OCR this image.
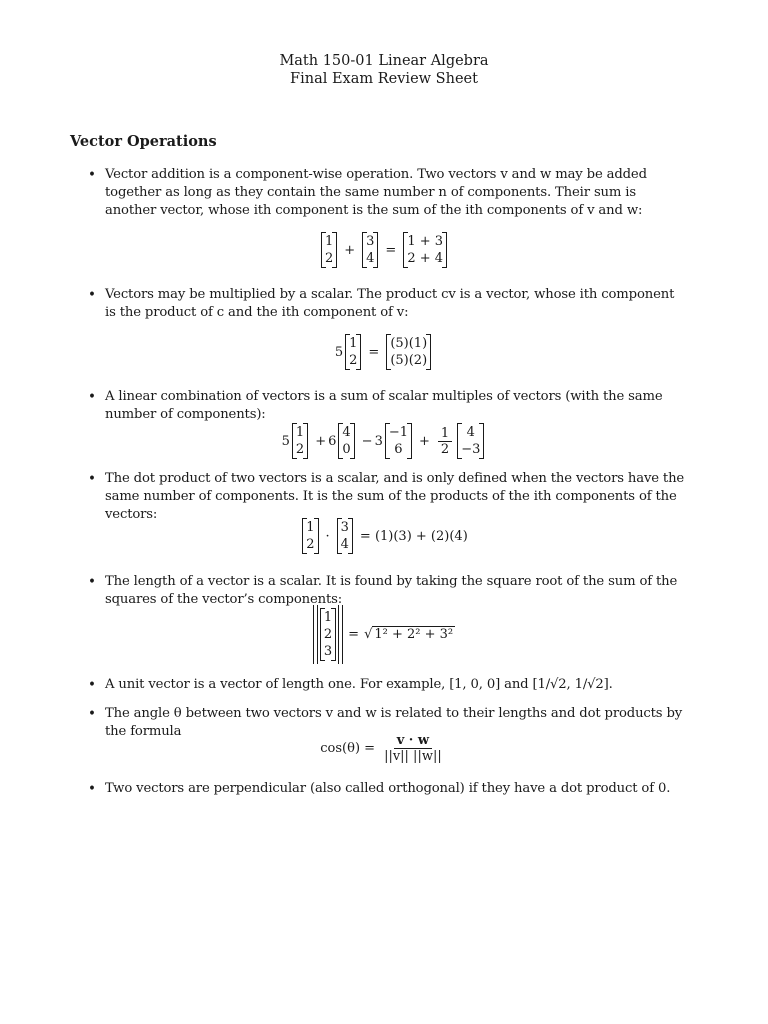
Math 150-01 Linear Algebra
Final Exam Review Sheet
Vector Operations
• Vector addition is a component-wise operation. Two vectors v and w may be added together as long as they contain the same number n of components. Their sum is another vector, whose ith component is the sum of the ith components of v and w:

1
2
+
3
4
=
1 + 3
2 + 4
• Vectors may be multiplied by a scalar. The product cv is a vector, whose ith component is the product of c and the ith component of v:

5
1
2
=
(5)(1)
(5)(2)
• A linear combination of vectors is a sum of scalar multiples of vectors (with the same number of components):

5
1
2
+ 6
4
0
− 3
−1
6
+ $\frac{1}{2} 4$
−3
• The dot product of two vectors is a scalar, and is only defined when the vectors have the same number of components. It is the sum of the products of the ith components of the vectors:

1
2
·
3
4
= (1)(3) + (2)(4)
• The length of a vector is a scalar. It is found by taking the square root of the sum of the squares of the vector’s components:

1
2
3
= √ 1² + 2² + 3²
• A unit vector is a vector of length one. For example, [1, 0, 0] and [1/√2, 1/√2].

• The angle θ between two vectors v and w is related to their lengths and dot products by the formula

$\cos(\theta) = \frac{v \cdot w}{||v|| ||w||}$
• Two vectors are perpendicular (also called orthogonal) if they have a dot product of 0.
